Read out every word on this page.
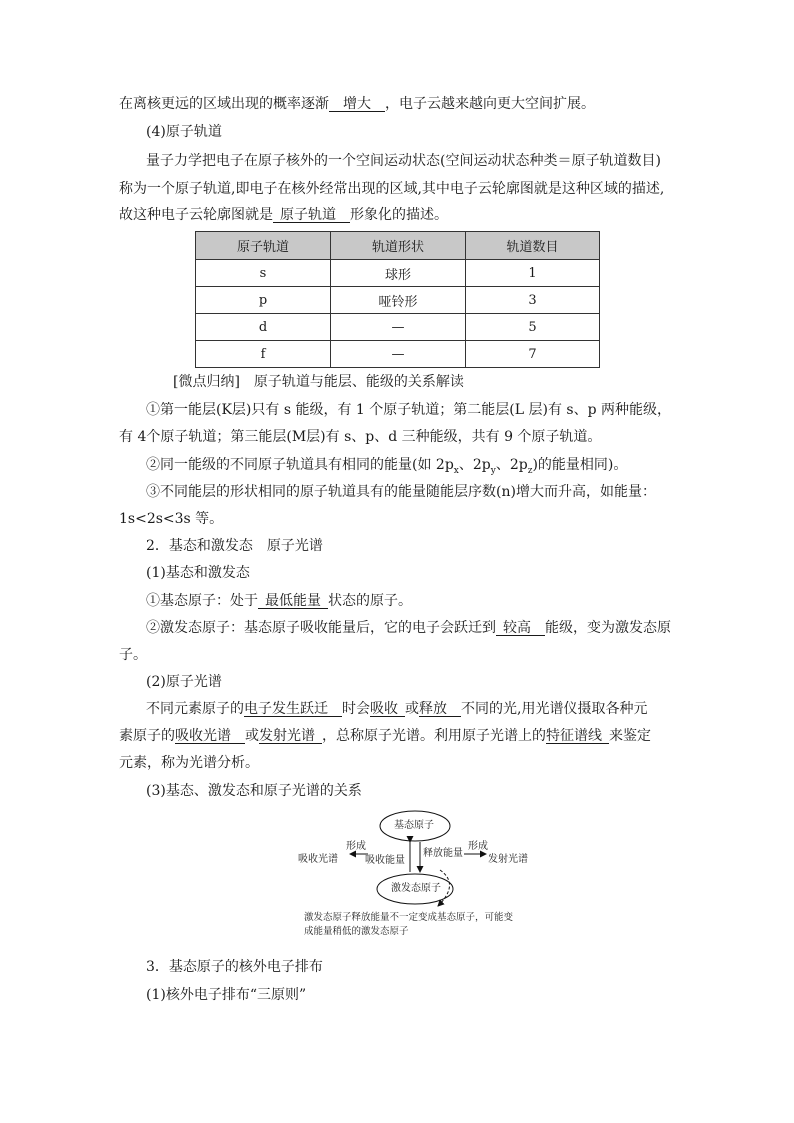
在离核更远的区域出现的概率逐渐  增大  ，电子云越来越向更大空间扩展。
(4)原子轨道
量子力学把电子在原子核外的一个空间运动状态(空间运动状态种类＝原子轨道数目)
称为一个原子轨道,即电子在核外经常出现的区域,其中电子云轮廓图就是这种区域的描述,
故这种电子云轮廓图就是  原子轨道  形象化的描述。
原子轨道	轨道形状	轨道数目
s	球形	1
p	哑铃形	3
d	—	5
f	—	7
[微点归纳]　原子轨道与能层、能级的关系解读
①第一能层(K层)只有 s 能级，有 1 个原子轨道；第二能层(L 层)有 s、p 两种能级，
有 4个原子轨道；第三能层(M层)有 s、p、d 三种能级，共有 9 个原子轨道。
②同一能级的不同原子轨道具有相同的能量(如 $2p_x$、$2p_y$、$2p_z$)的能量相同)。
③不同能层的形状相同的原子轨道具有的能量随能层序数(n)增大而升高，如能量：
1s<2s<3s 等。
2．基态和激发态　原子光谱
(1)基态和激发态
①基态原子：处于  最低能量  状态的原子。
②激发态原子：基态原子吸收能量后，它的电子会跃迁到  较高  能级，变为激发态原
子。
(2)原子光谱
不同元素原子的电子发生跃迁  时会吸收  或释放  不同的光,用光谱仪摄取各种元
素原子的吸收光谱  或发射光谱  ，总称原子光谱。利用原子光谱上的特征谱线  来鉴定
元素，称为光谱分析。
(3)基态、激发态和原子光谱的关系
基态原子
激发态原子
吸收能量
释放能量
形成	形成
吸收光谱	发射光谱
激发态原子释放能量不一定变成基态原子，可能变
成能量稍低的激发态原子
3．基态原子的核外电子排布
(1)核外电子排布“三原则”
